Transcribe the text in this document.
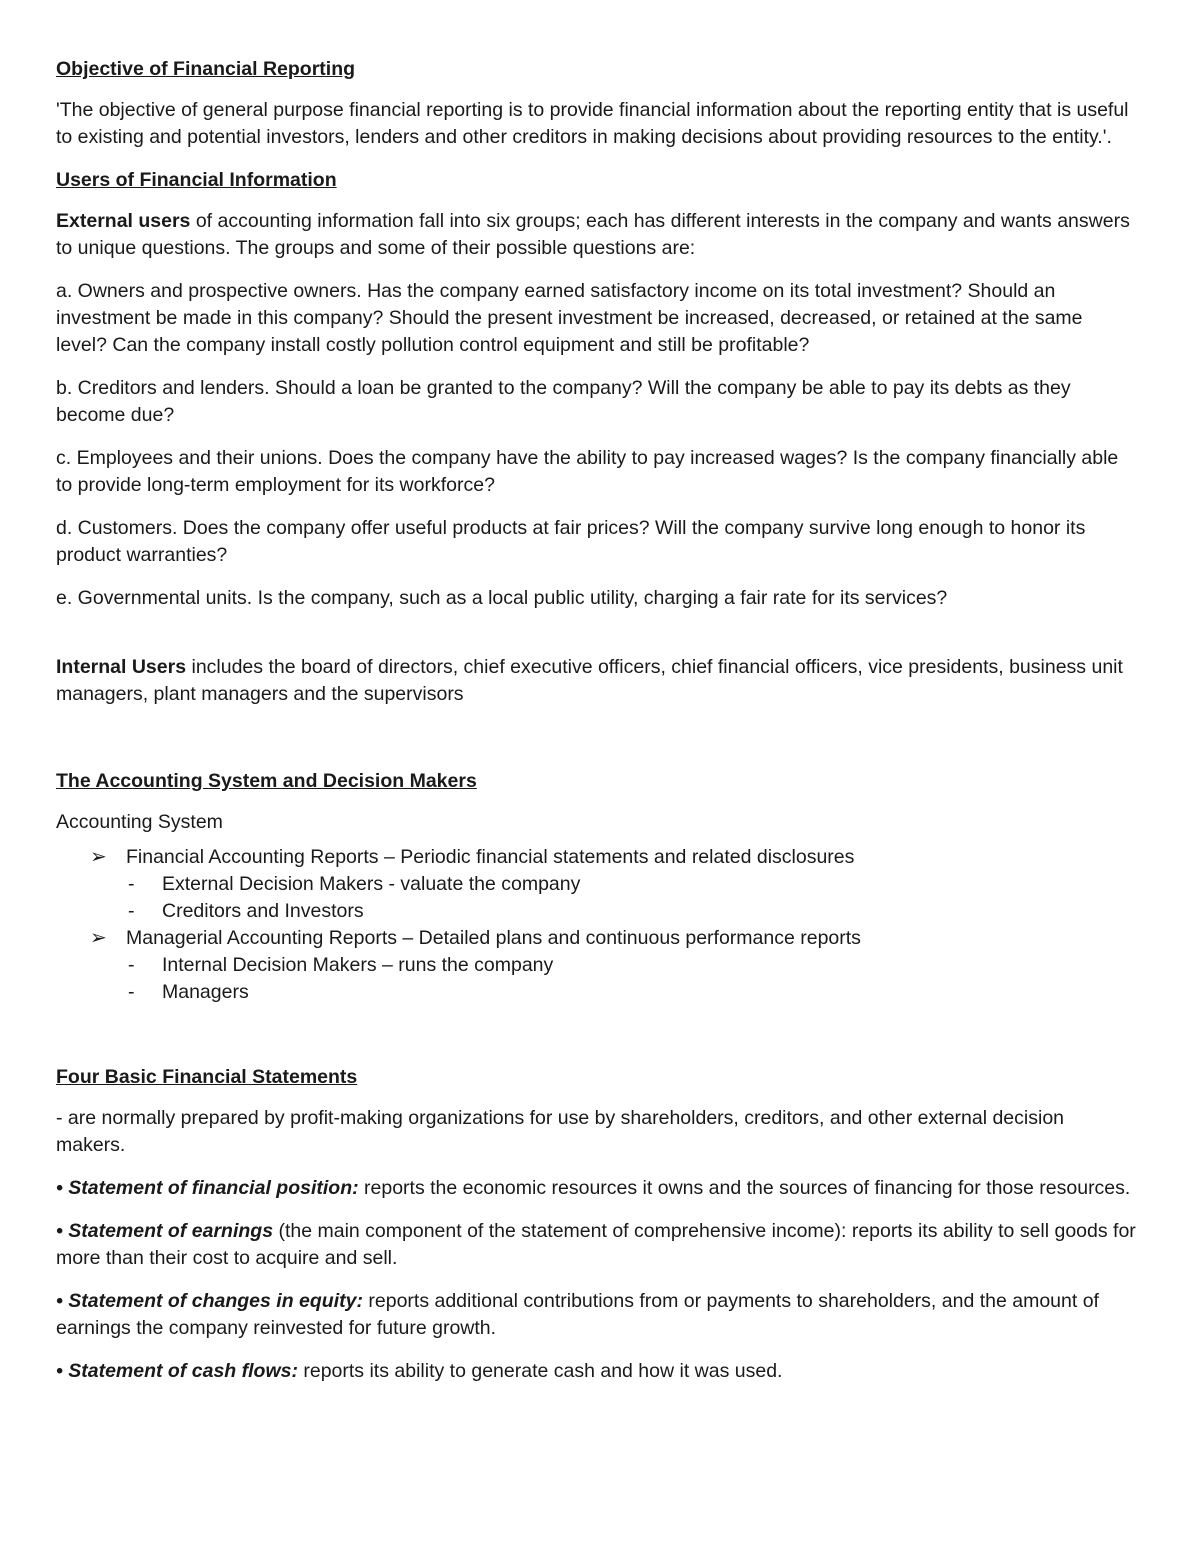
Objective of Financial Reporting

'The objective of general purpose financial reporting is to provide financial information about the reporting entity that is useful to existing and potential investors, lenders and other creditors in making decisions about providing resources to the entity.'.

Users of Financial Information

External users of accounting information fall into six groups; each has different interests in the company and wants answers to unique questions. The groups and some of their possible questions are:

a. Owners and prospective owners. Has the company earned satisfactory income on its total investment? Should an investment be made in this company? Should the present investment be increased, decreased, or retained at the same level? Can the company install costly pollution control equipment and still be profitable?

b. Creditors and lenders. Should a loan be granted to the company? Will the company be able to pay its debts as they become due?

c. Employees and their unions. Does the company have the ability to pay increased wages? Is the company financially able to provide long-term employment for its workforce?

d. Customers. Does the company offer useful products at fair prices? Will the company survive long enough to honor its product warranties?

e. Governmental units. Is the company, such as a local public utility, charging a fair rate for its services?

Internal Users includes the board of directors, chief executive officers, chief financial officers, vice presidents, business unit managers, plant managers and the supervisors

The Accounting System and Decision Makers

Accounting System

➢ Financial Accounting Reports – Periodic financial statements and related disclosures
- External Decision Makers - valuate the company
- Creditors and Investors
➢ Managerial Accounting Reports – Detailed plans and continuous performance reports
- Internal Decision Makers – runs the company
- Managers
Four Basic Financial Statements

- are normally prepared by profit-making organizations for use by shareholders, creditors, and other external decision makers.

• Statement of financial position: reports the economic resources it owns and the sources of financing for those resources.

• Statement of earnings (the main component of the statement of comprehensive income): reports its ability to sell goods for more than their cost to acquire and sell.

• Statement of changes in equity: reports additional contributions from or payments to shareholders, and the amount of earnings the company reinvested for future growth.

• Statement of cash flows: reports its ability to generate cash and how it was used.
